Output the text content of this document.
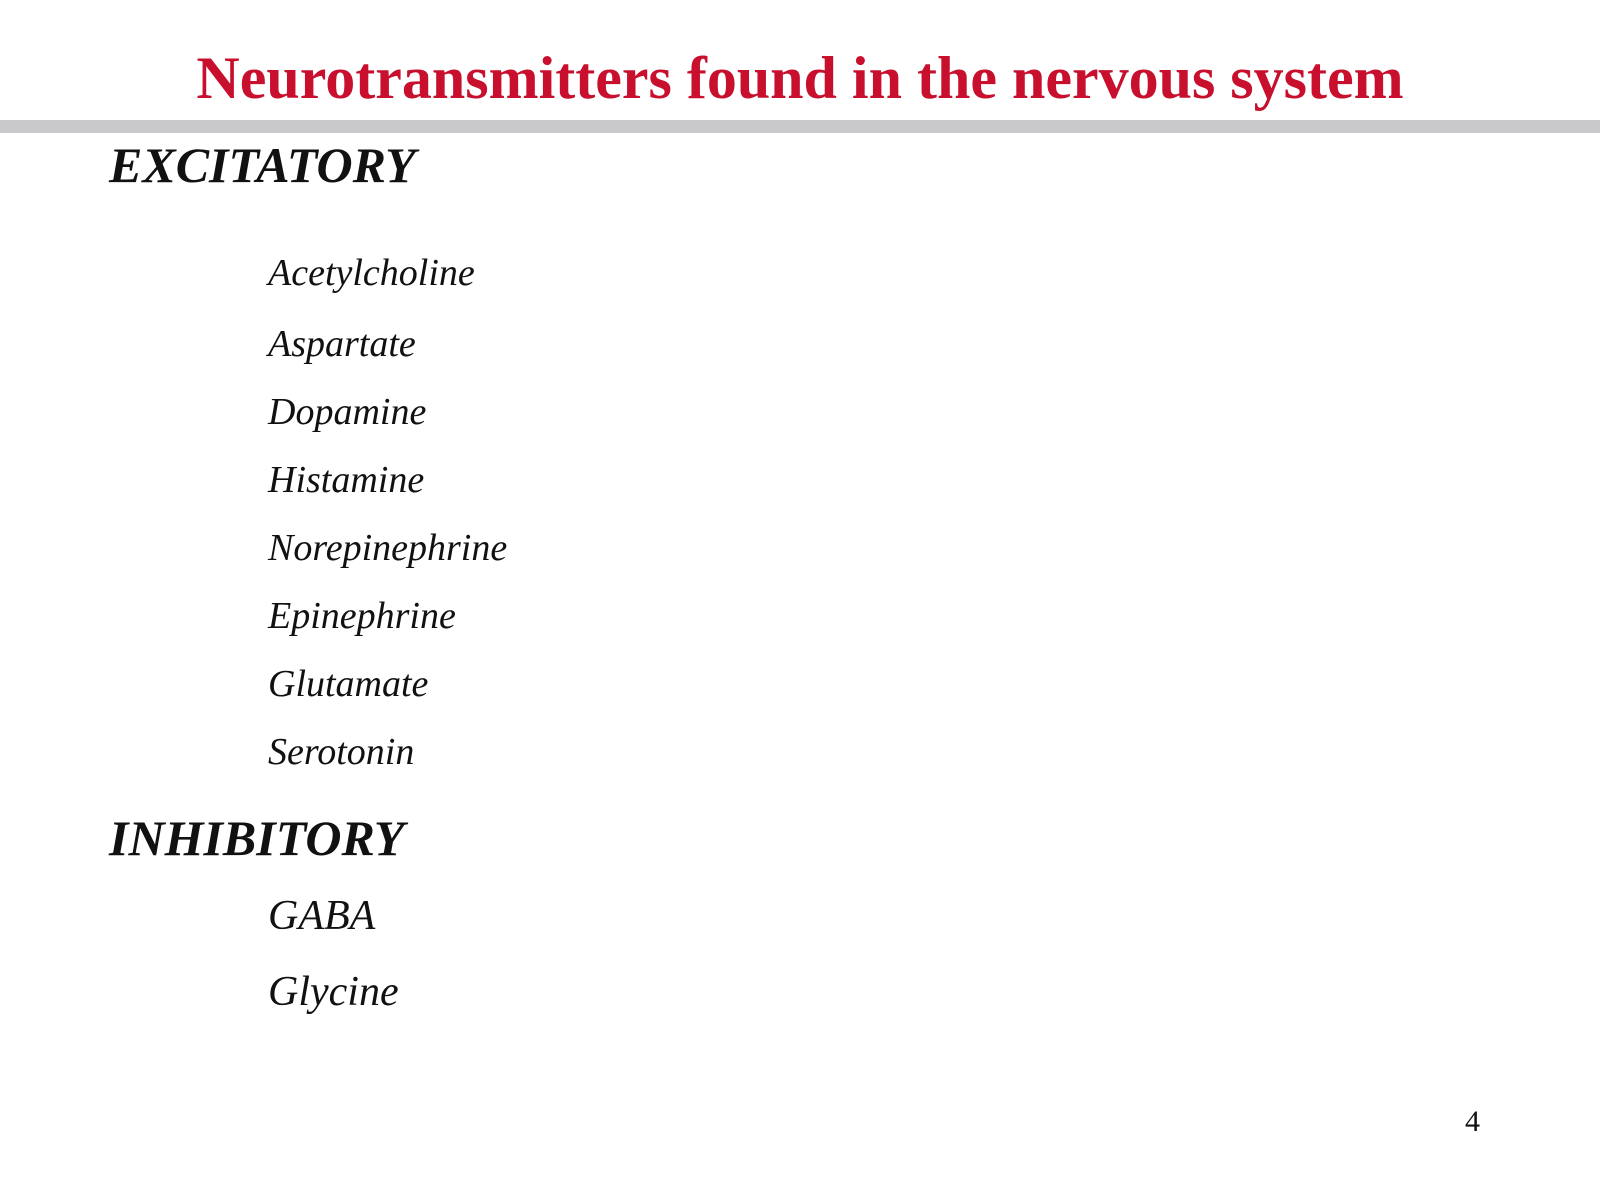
Neurotransmitters found in the nervous system
EXCITATORY
Acetylcholine
Aspartate
Dopamine
Histamine
Norepinephrine
Epinephrine
Glutamate
Serotonin
INHIBITORY
GABA
Glycine
4
